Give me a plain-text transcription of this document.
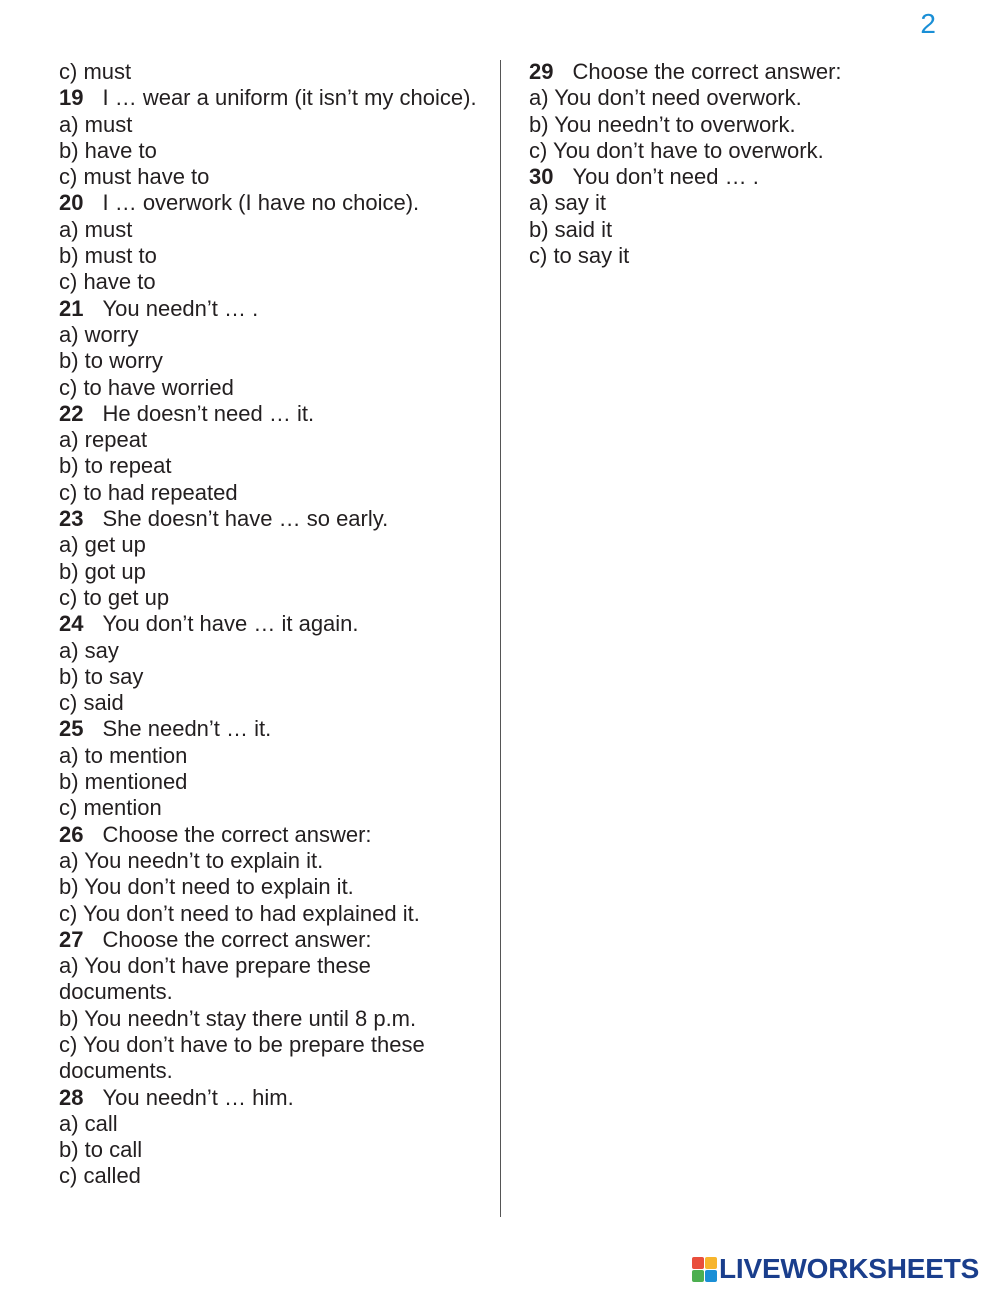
2
c) must
19 I … wear a uniform (it isn’t my choice).
a) must
b) have to
c) must have to
20 I … overwork (I have no choice).
a) must
b) must to
c) have to
21 You needn’t … .
a) worry
b) to worry
c) to have worried
22 He doesn’t need … it.
a) repeat
b) to repeat
c) to had repeated
23 She doesn’t have … so early.
a) get up
b) got up
c) to get up
24 You don’t have … it again.
a) say
b) to say
c) said
25 She needn’t … it.
a) to mention
b) mentioned
c) mention
26 Choose the correct answer:
a) You needn’t to explain it.
b) You don’t need to explain it.
c) You don’t need to had explained it.
27 Choose the correct answer:
a) You don’t have prepare these documents.
b) You needn’t stay there until 8 p.m.
c) You don’t have to be prepare these documents.
28 You needn’t … him.
a) call
b) to call
c) called
29 Choose the correct answer:
a) You don’t need overwork.
b) You needn’t to overwork.
c) You don’t have to overwork.
30 You don’t need … .
a) say it
b) said it
c) to say it
LIVEWORKSHEETS
